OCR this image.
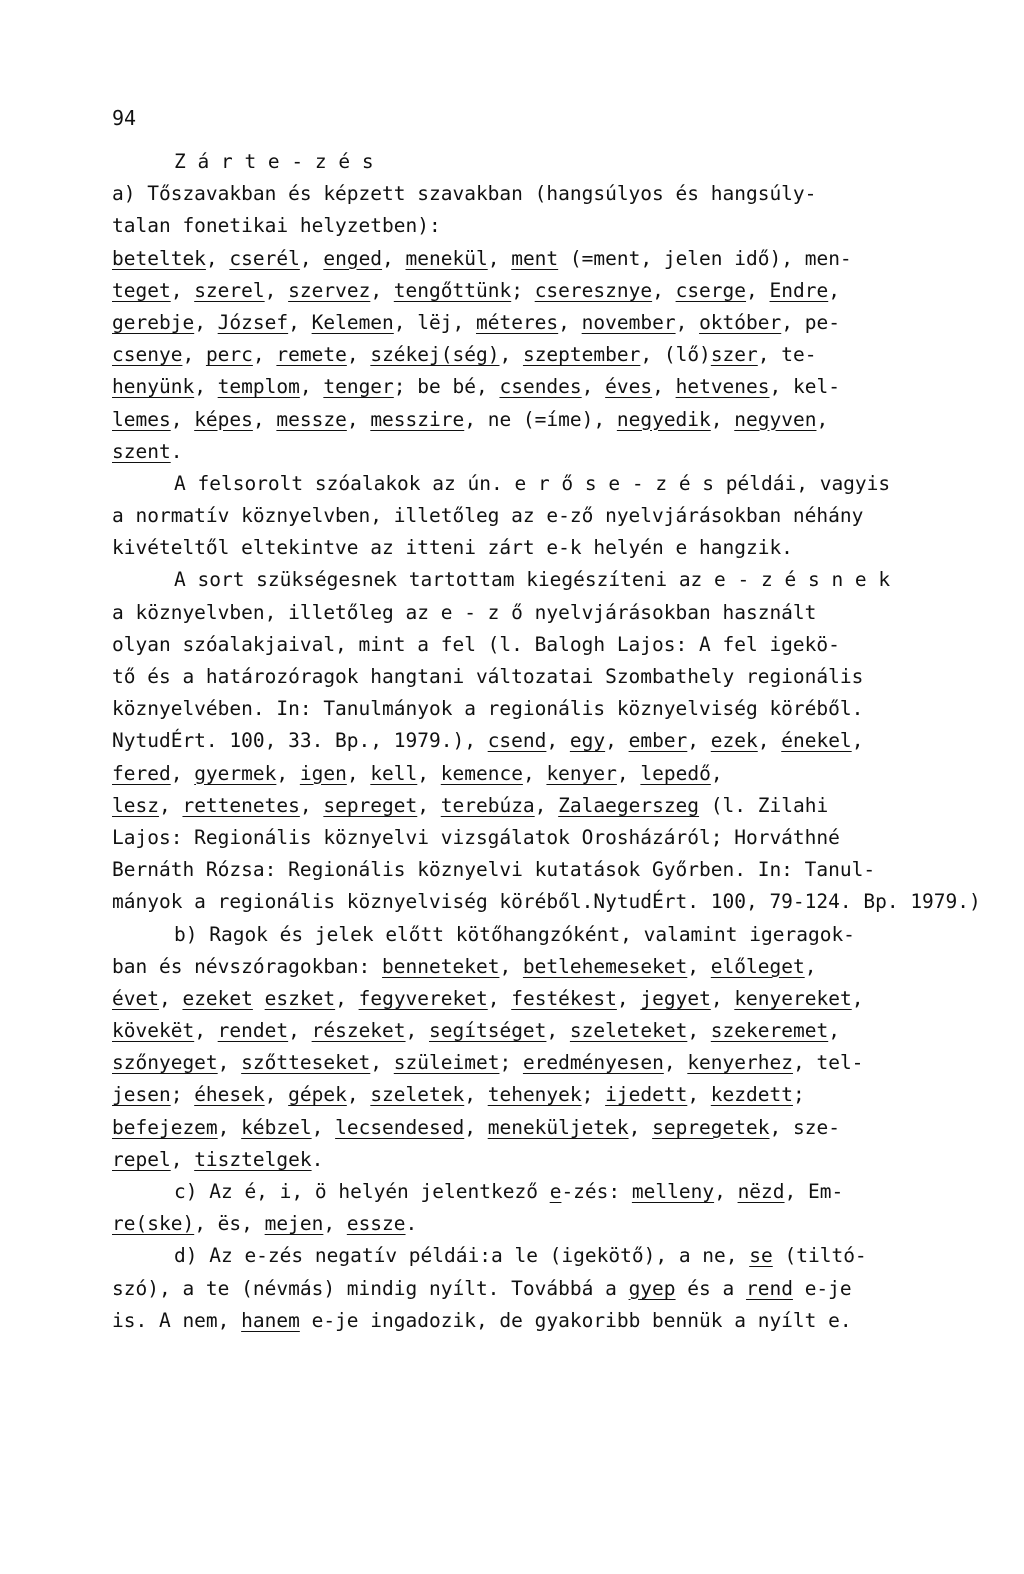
94
Z á r t e - z é s
a) Tőszavakban és képzett szavakban (hangsúlyos és hangsúly-
talan fonetikai helyzetben):
beteltek, cserél, enged, menekül, ment (=ment, jelen idő), men-
teget, szerel, szervez, tengőttünk; cseresznye, cserge, Endre,
gerebje, József, Kelemen, lëj, méteres, november, október, pe-
csenye, perc, remete, székej(ség), szeptember, (lő)szer, te-
henyünk, templom, tenger; be bé, csendes, éves, hetvenes, kel-
lemes, képes, messze, messzire, ne (=íme), negyedik, negyven,
szent.
A felsorolt szóalakok az ún. e r ő s e - z é s példái, vagyis
a normatív köznyelvben, illetőleg az e-ző nyelvjárásokban néhány
kivételtől eltekintve az itteni zárt e-k helyén e hangzik.
A sort szükségesnek tartottam kiegészíteni az e - z é s n e k
a köznyelvben, illetőleg az e - z ő nyelvjárásokban használt
olyan szóalakjaival, mint a fel (l. Balogh Lajos: A fel igekö-
tő és a határozóragok hangtani változatai Szombathely regionális
köznyelvében. In: Tanulmányok a regionális köznyelviség köréből.
NytudÉrt. 100, 33. Bp., 1979.), csend, egy, ember, ezek, énekel,
fered, gyermek, igen, kell, kemence, kenyer, lepedő,
lesz, rettenetes, sepreget, terebúza, Zalaegerszeg (l. Zilahi
Lajos: Regionális köznyelvi vizsgálatok Orosházáról; Horváthné
Bernáth Rózsa: Regionális köznyelvi kutatások Győrben. In: Tanul-
mányok a regionális köznyelviség köréből.NytudÉrt. 100, 79-124. Bp. 1979.)
b) Ragok és jelek előtt kötőhangzóként, valamint igeragok-
ban és névszóragokban: benneteket, betlehemeseket, előleget,
évet, ezeket eszket, fegyvereket, festékest, jegyet, kenyereket,
kövekët, rendet, részeket, segítséget, szeleteket, szekeremet,
szőnyeget, szőtteseket, szüleimet; eredményesen, kenyerhez, tel-
jesen; éhesek, gépek, szeletek, tehenyek; ijedett, kezdett;
befejezem, kébzel, lecsendesed, meneküljetek, sepregetek, sze-
repel, tisztelgek.
c) Az é, i, ö helyén jelentkező e-zés: melleny, nëzd, Em-
re(ske), ës, mejen, essze.
d) Az e-zés negatív példái:a le (igekötő), a ne, se (tiltó-
szó), a te (névmás) mindig nyílt. Továbbá a gyep és a rend e-je
is. A nem, hanem e-je ingadozik, de gyakoribb bennük a nyílt e.
